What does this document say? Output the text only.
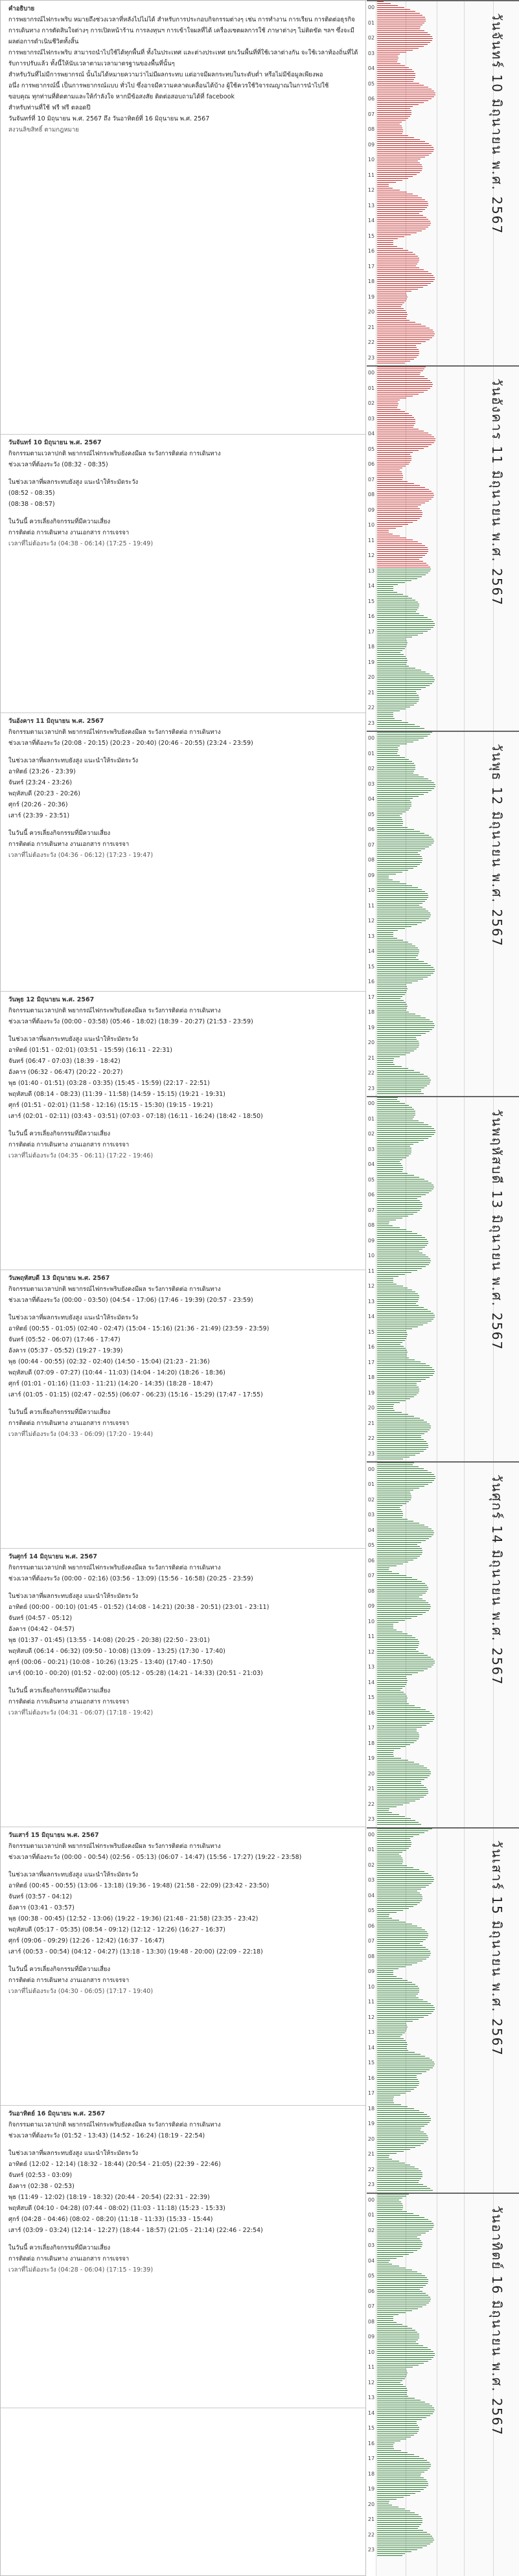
คำอธิบาย
การพยากรณ์ไฟกระพริบ หมายถึงช่วงเวลาที่หลังไปไม่ได้ สำหรับการประกอบกิจกรรมต่างๆ เช่น การทำงาน การเรียน การติดต่อธุรกิจ การเดินทาง การตัดสินใจต่างๆ การเปิดหน้าร้าน การลงทุนฯ การเข้าใจผลที่ได้ เครื่องเซตผลการใช้ ภาษาต่างๆ ไม่ติดขัด ฯลฯ ซึ่งจะมีผลต่อการดำเนินชีวิตทั้งสิ้น
การพยากรณ์ไฟกระพริบ สามารถนำไปใช้ได้ทุกพื้นที่ ทั้งในประเทศ และต่างประเทศ ยกเว้นพื้นที่ที่ใช้เวลาต่างกัน จะใช้เวลาท้องถิ่นที่ได้รับการปรับแล้ว ทั้งนี้ให้นับเวลาตามเวลามาตรฐานของพื้นที่นั้นๆ
สำหรับวันที่ไม่มีการพยากรณ์ นั้นไม่ได้หมายความว่าไม่มีผลกระทบ แต่อาจมีผลกระทบในระดับต่ำ หรือไม่มีข้อมูลเพียงพอ
อนึ่ง การพยากรณ์นี้ เป็นการพยากรณ์แบบ ทั่วไป ซึ่งอาจมีความคลาดเคลื่อนได้บ้าง ผู้ใช้ควรใช้วิจารณญาณในการนำไปใช้
ขอบคุณ ทุกท่านที่ติดตามและให้กำลังใจ หากมีข้อสงสัย ติดต่อสอบถามได้ที่ facebook
สำหรับท่านที่ใช้ ฟรี ฟรี ตลอดปี
วันจันทร์ที่ 10 มิถุนายน พ.ศ. 2567 ถึง วันอาทิตย์ที่ 16 มิถุนายน พ.ศ. 2567
สงวนลิขสิทธิ์ ตามกฎหมาย
วันจันทร์ 10 มิถุนายน พ.ศ. 2567
กิจกรรมตามเวลาปกติ พยากรณ์ไฟกระพริบยังคงมีผล ระวังการติดต่อ การเดินทาง
ช่วงเวลาที่ต้องระวัง (08:32 - 08:35)
ในช่วงเวลาที่ผลกระทบยังสูง แนะนำให้ระมัดระวัง
(08:52 - 08:35)
(08:38 - 08:57)
ในวันนี้ ควรเลี่ยงกิจกรรมที่มีความเสี่ยง
การติดต่อ การเดินทาง งานเอกสาร การเจรจา
เวลาที่ไม่ต้องระวัง (04:38 - 06:14) (17:25 - 19:49)
วันอังคาร 11 มิถุนายน พ.ศ. 2567
กิจกรรมตามเวลาปกติ พยากรณ์ไฟกระพริบยังคงมีผล ระวังการติดต่อ การเดินทาง
ช่วงเวลาที่ต้องระวัง (20:08 - 20:15) (20:23 - 20:40) (20:46 - 20:55) (23:24 - 23:59)
ในช่วงเวลาที่ผลกระทบยังสูง แนะนำให้ระมัดระวัง
อาทิตย์ (23:26 - 23:39)
จันทร์ (23:24 - 23:26)
พฤหัสบดี (20:23 - 20:26)
ศุกร์ (20:26 - 20:36)
เสาร์ (23:39 - 23:51)
ในวันนี้ ควรเลี่ยงกิจกรรมที่มีความเสี่ยง
การติดต่อ การเดินทาง งานเอกสาร การเจรจา
เวลาที่ไม่ต้องระวัง (04:36 - 06:12) (17:23 - 19:47)
วันพุธ 12 มิถุนายน พ.ศ. 2567
กิจกรรมตามเวลาปกติ พยากรณ์ไฟกระพริบยังคงมีผล ระวังการติดต่อ การเดินทาง
ช่วงเวลาที่ต้องระวัง (00:00 - 03:58) (05:46 - 18:02) (18:39 - 20:27) (21:53 - 23:59)
ในช่วงเวลาที่ผลกระทบยังสูง แนะนำให้ระมัดระวัง
อาทิตย์ (01:51 - 02:01) (03:51 - 15:59) (16:11 - 22:31)
จันทร์ (06:47 - 07:03) (18:39 - 18:42)
อังคาร (06:32 - 06:47) (20:22 - 20:27)
พุธ (01:40 - 01:51) (03:28 - 03:35) (15:45 - 15:59) (22:17 - 22:51)
พฤหัสบดี (08:14 - 08:23) (11:39 - 11:58) (14:59 - 15:15) (19:21 - 19:31)
ศุกร์ (01:51 - 02:01) (11:58 - 12:16) (15:15 - 15:30) (19:15 - 19:21)
เสาร์ (02:01 - 02:11) (03:43 - 03:51) (07:03 - 07:18) (16:11 - 16:24) (18:42 - 18:50)
ในวันนี้ ควรเลี่ยงกิจกรรมที่มีความเสี่ยง
การติดต่อ การเดินทาง งานเอกสาร การเจรจา
เวลาที่ไม่ต้องระวัง (04:35 - 06:11) (17:22 - 19:46)
วันพฤหัสบดี 13 มิถุนายน พ.ศ. 2567
กิจกรรมตามเวลาปกติ พยากรณ์ไฟกระพริบยังคงมีผล ระวังการติดต่อ การเดินทาง
ช่วงเวลาที่ต้องระวัง (00:00 - 03:50) (04:54 - 17:06) (17:46 - 19:39) (20:57 - 23:59)
ในช่วงเวลาที่ผลกระทบยังสูง แนะนำให้ระมัดระวัง
อาทิตย์ (00:55 - 01:05) (02:40 - 02:47) (15:04 - 15:16) (21:36 - 21:49) (23:59 - 23:59)
จันทร์ (05:52 - 06:07) (17:46 - 17:47)
อังคาร (05:37 - 05:52) (19:27 - 19:39)
พุธ (00:44 - 00:55) (02:32 - 02:40) (14:50 - 15:04) (21:23 - 21:36)
พฤหัสบดี (07:09 - 07:27) (10:44 - 11:03) (14:04 - 14:20) (18:26 - 18:36)
ศุกร์ (01:01 - 01:16) (11:03 - 11:21) (14:20 - 14:35) (18:28 - 18:47)
เสาร์ (01:05 - 01:15) (02:47 - 02:55) (06:07 - 06:23) (15:16 - 15:29) (17:47 - 17:55)
ในวันนี้ ควรเลี่ยงกิจกรรมที่มีความเสี่ยง
การติดต่อ การเดินทาง งานเอกสาร การเจรจา
เวลาที่ไม่ต้องระวัง (04:33 - 06:09) (17:20 - 19:44)
วันศุกร์ 14 มิถุนายน พ.ศ. 2567
กิจกรรมตามเวลาปกติ พยากรณ์ไฟกระพริบยังคงมีผล ระวังการติดต่อ การเดินทาง
ช่วงเวลาที่ต้องระวัง (00:00 - 02:16) (03:56 - 13:09) (15:56 - 16:58) (20:25 - 23:59)
ในช่วงเวลาที่ผลกระทบยังสูง แนะนำให้ระมัดระวัง
อาทิตย์ (00:00 - 00:10) (01:45 - 01:52) (14:08 - 14:21) (20:38 - 20:51) (23:01 - 23:11)
จันทร์ (04:57 - 05:12)
อังคาร (04:42 - 04:57)
พุธ (01:37 - 01:45) (13:55 - 14:08) (20:25 - 20:38) (22:50 - 23:01)
พฤหัสบดี (06:14 - 06:32) (09:50 - 10:08) (13:09 - 13:25) (17:30 - 17:40)
ศุกร์ (00:06 - 00:21) (10:08 - 10:26) (13:25 - 13:40) (17:40 - 17:50)
เสาร์ (00:10 - 00:20) (01:52 - 02:00) (05:12 - 05:28) (14:21 - 14:33) (20:51 - 21:03)
ในวันนี้ ควรเลี่ยงกิจกรรมที่มีความเสี่ยง
การติดต่อ การเดินทาง งานเอกสาร การเจรจา
เวลาที่ไม่ต้องระวัง (04:31 - 06:07) (17:18 - 19:42)
วันเสาร์ 15 มิถุนายน พ.ศ. 2567
กิจกรรมตามเวลาปกติ พยากรณ์ไฟกระพริบยังคงมีผล ระวังการติดต่อ การเดินทาง
ช่วงเวลาที่ต้องระวัง (00:00 - 00:54) (02:56 - 05:13) (06:07 - 14:47) (15:56 - 17:27) (19:22 - 23:58)
ในช่วงเวลาที่ผลกระทบยังสูง แนะนำให้ระมัดระวัง
อาทิตย์ (00:45 - 00:55) (13:06 - 13:18) (19:36 - 19:48) (21:58 - 22:09) (23:42 - 23:50)
จันทร์ (03:57 - 04:12)
อังคาร (03:41 - 03:57)
พุธ (00:38 - 00:45) (12:52 - 13:06) (19:22 - 19:36) (21:48 - 21:58) (23:35 - 23:42)
พฤหัสบดี (05:17 - 05:35) (08:54 - 09:12) (12:12 - 12:26) (16:27 - 16:37)
ศุกร์ (09:06 - 09:29) (12:26 - 12:42) (16:37 - 16:47)
เสาร์ (00:53 - 00:54) (04:12 - 04:27) (13:18 - 13:30) (19:48 - 20:00) (22:09 - 22:18)
ในวันนี้ ควรเลี่ยงกิจกรรมที่มีความเสี่ยง
การติดต่อ การเดินทาง งานเอกสาร การเจรจา
เวลาที่ไม่ต้องระวัง (04:30 - 06:05) (17:17 - 19:40)
วันอาทิตย์ 16 มิถุนายน พ.ศ. 2567
กิจกรรมตามเวลาปกติ พยากรณ์ไฟกระพริบยังคงมีผล ระวังการติดต่อ การเดินทาง
ช่วงเวลาที่ต้องระวัง (01:52 - 13:43) (14:52 - 16:24) (18:19 - 22:54)
ในช่วงเวลาที่ผลกระทบยังสูง แนะนำให้ระมัดระวัง
อาทิตย์ (12:02 - 12:14) (18:32 - 18:44) (20:54 - 21:05) (22:39 - 22:46)
จันทร์ (02:53 - 03:09)
อังคาร (02:38 - 02:53)
พุธ (11:49 - 12:02) (18:19 - 18:32) (20:44 - 20:54) (22:31 - 22:39)
พฤหัสบดี (04:10 - 04:28) (07:44 - 08:02) (11:03 - 11:18) (15:23 - 15:33)
ศุกร์ (04:28 - 04:46) (08:02 - 08:20) (11:18 - 11:33) (15:33 - 15:44)
เสาร์ (03:09 - 03:24) (12:14 - 12:27) (18:44 - 18:57) (21:05 - 21:14) (22:46 - 22:54)
ในวันนี้ ควรเลี่ยงกิจกรรมที่มีความเสี่ยง
การติดต่อ การเดินทาง งานเอกสาร การเจรจา
เวลาที่ไม่ต้องระวัง (04:28 - 06:04) (17:15 - 19:39)
00
01
02
03
04
05
06
07
08
09
10
11
12
13
14
15
16
17
18
19
20
21
22
23
00
01
02
03
04
05
06
07
08
09
10
11
12
13
14
15
16
17
18
19
20
21
22
23
00
01
02
03
04
05
06
07
08
09
10
11
12
13
14
15
16
17
18
19
20
21
22
23
00
01
02
03
04
05
06
07
08
09
10
11
12
13
14
15
16
17
18
19
20
21
22
23
00
01
02
03
04
05
06
07
08
09
10
11
12
13
14
15
16
17
18
19
20
21
22
23
00
01
02
03
04
05
06
07
08
09
10
11
12
13
14
15
16
17
18
19
20
21
22
23
00
01
02
03
04
05
06
07
08
09
10
11
12
13
14
15
16
17
18
19
20
21
22
23
วันจันทร์ 10 มิถุนายน พ.ศ. 2567
วันอังคาร 11 มิถุนายน พ.ศ. 2567
วันพุธ 12 มิถุนายน พ.ศ. 2567
วันพฤหัสบดี 13 มิถุนายน พ.ศ. 2567
วันศุกร์ 14 มิถุนายน พ.ศ. 2567
วันเสาร์ 15 มิถุนายน พ.ศ. 2567
วันอาทิตย์ 16 มิถุนายน พ.ศ. 2567
